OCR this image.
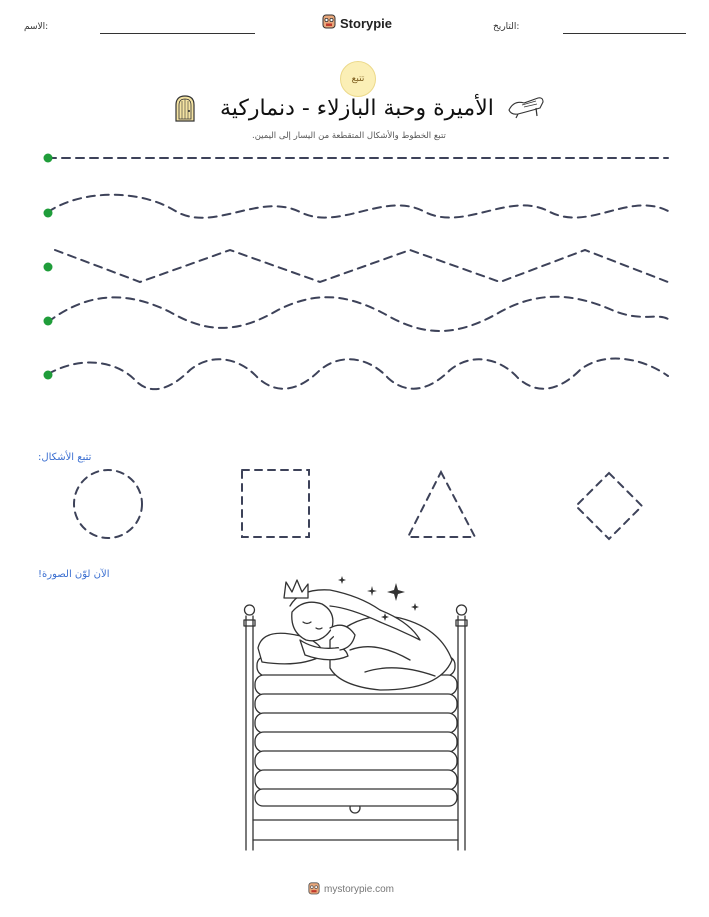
الاسم:	Storypie	التاريخ:
تتبع
الأميرة وحبة البازلاء - دنماركية
تتبع الخطوط والأشكال المتقطعة من اليسار إلى اليمين.
تتبع الأشكال:
الآن لوّن الصورة!
mystorypie.com
